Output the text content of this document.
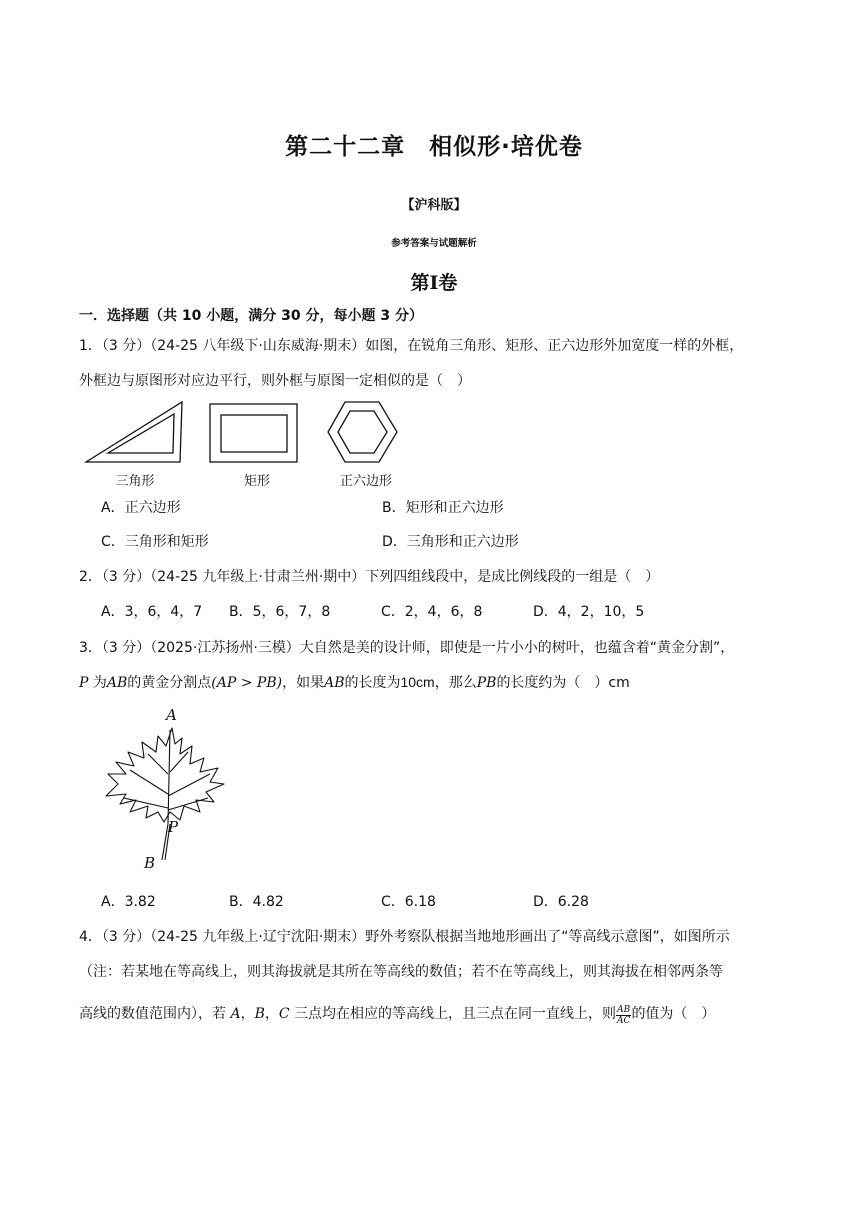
第二十二章　相似形·培优卷
【沪科版】
参考答案与试题解析
第Ⅰ卷
一．选择题（共 10 小题，满分 30 分，每小题 3 分）
1．（3 分）（24-25 八年级下·山东威海·期末）如图，在锐角三角形、矩形、正六边形外加宽度一样的外框，
外框边与原图形对应边平行，则外框与原图一定相似的是（　）
三角形	矩形	正六边形
A．正六边形	B．矩形和正六边形
C．三角形和矩形	D．三角形和正六边形
2．（3 分）（24-25 九年级上·甘肃兰州·期中）下列四组线段中，是成比例线段的一组是（　）
A．3，6，4，7 B．5，6，7，8	C．2，4，6，8	D．4，2，10，5
3．（3 分）（2025·江苏扬州·三模）大自然是美的设计师，即使是一片小小的树叶，也蕴含着“黄金分割”，
P 为AB的黄金分割点(AP > PB)，如果AB的长度为10cm，那么PB的长度约为（　）cm
A
P
B
A．3.82	B．4.82	C．6.18	D．6.28
4．（3 分）（24-25 九年级上·辽宁沈阳·期末）野外考察队根据当地地形画出了“等高线示意图”，如图所示
（注：若某地在等高线上，则其海拔就是其所在等高线的数值；若不在等高线上，则其海拔在相邻两条等
高线的数值范围内），若 A，B，C 三点均在相应的等高线上，且三点在同一直线上，则 $\frac{AB}{AC}$ 的值为（　）
